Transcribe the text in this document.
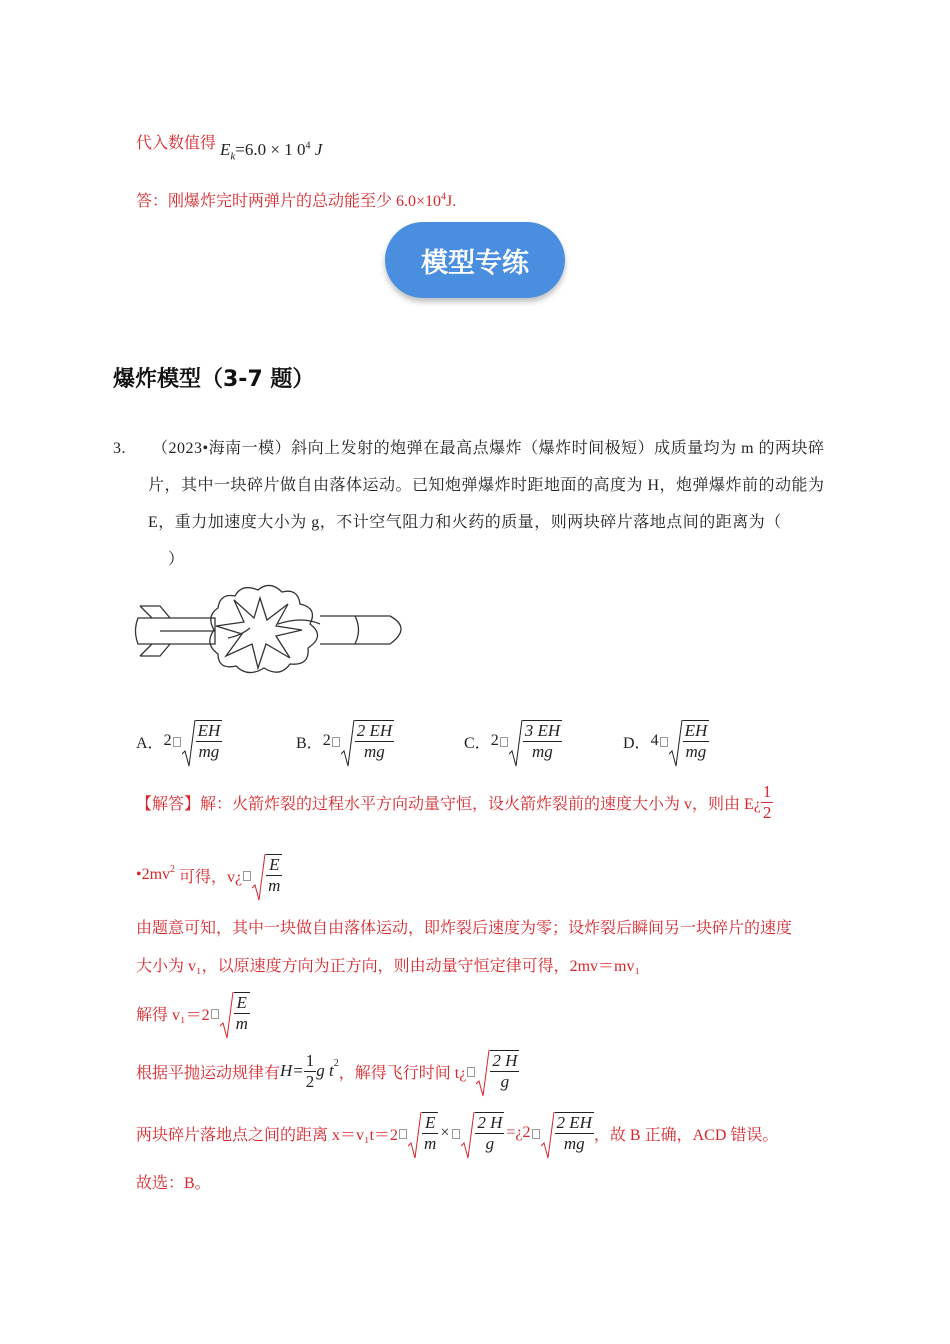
代入数值得 $E_k=6.0 \times 1$ $0^4$ J
答：刚爆炸完时两弹片的总动能至少 $6.0\times 10^4J$.
模型专练
爆炸模型（3-7 题）
3. （2023•海南一模）斜向上发射的炮弹在最高点爆炸（爆炸时间极短）成质量均为 m 的两块碎
片，其中一块碎片做自由落体运动。已知炮弹爆炸时距地面的高度为 H，炮弹爆炸前的动能为
E，重力加速度大小为 g，不计空气阻力和火药的质量，则两块碎片落地点间的距离为（
）
A． $2 \frac{EH}{mg}$	B． $2 \frac{2 EH}{mg}$	C． $2 \frac{3 EH}{mg}$	D． $4 \frac{EH}{mg}$
【解答】 解：火箭炸裂的过程水平方向动量守恒，设火箭炸裂前的速度大小为 v，则由 E¿ $\frac{1}{2}$
$•2mv^2$ 可得，v¿ $\frac{E}{m}$
由题意可知，其中一块做自由落体运动，即炸裂后速度为零；设炸裂后瞬间另一块碎片的速度
大小为 v₁，以原速度方向为正方向，则由动量守恒定律可得，2mv＝mv₁
解得 $v_1=2 \frac{E}{m}$
根据平抛运动规律有 $H= \frac{1}{2}$ g $t^2$
，解得飞行时间 t¿ $\frac{2 H}{g}$
两块碎片落地点之间的距离 $x=v_1t=2 \frac{E}{m} \times \frac{2 H}{g}$ =¿2 $\frac{2 EH}{mg}$ ，故 B 正确，ACD 错误。
故选：B。
